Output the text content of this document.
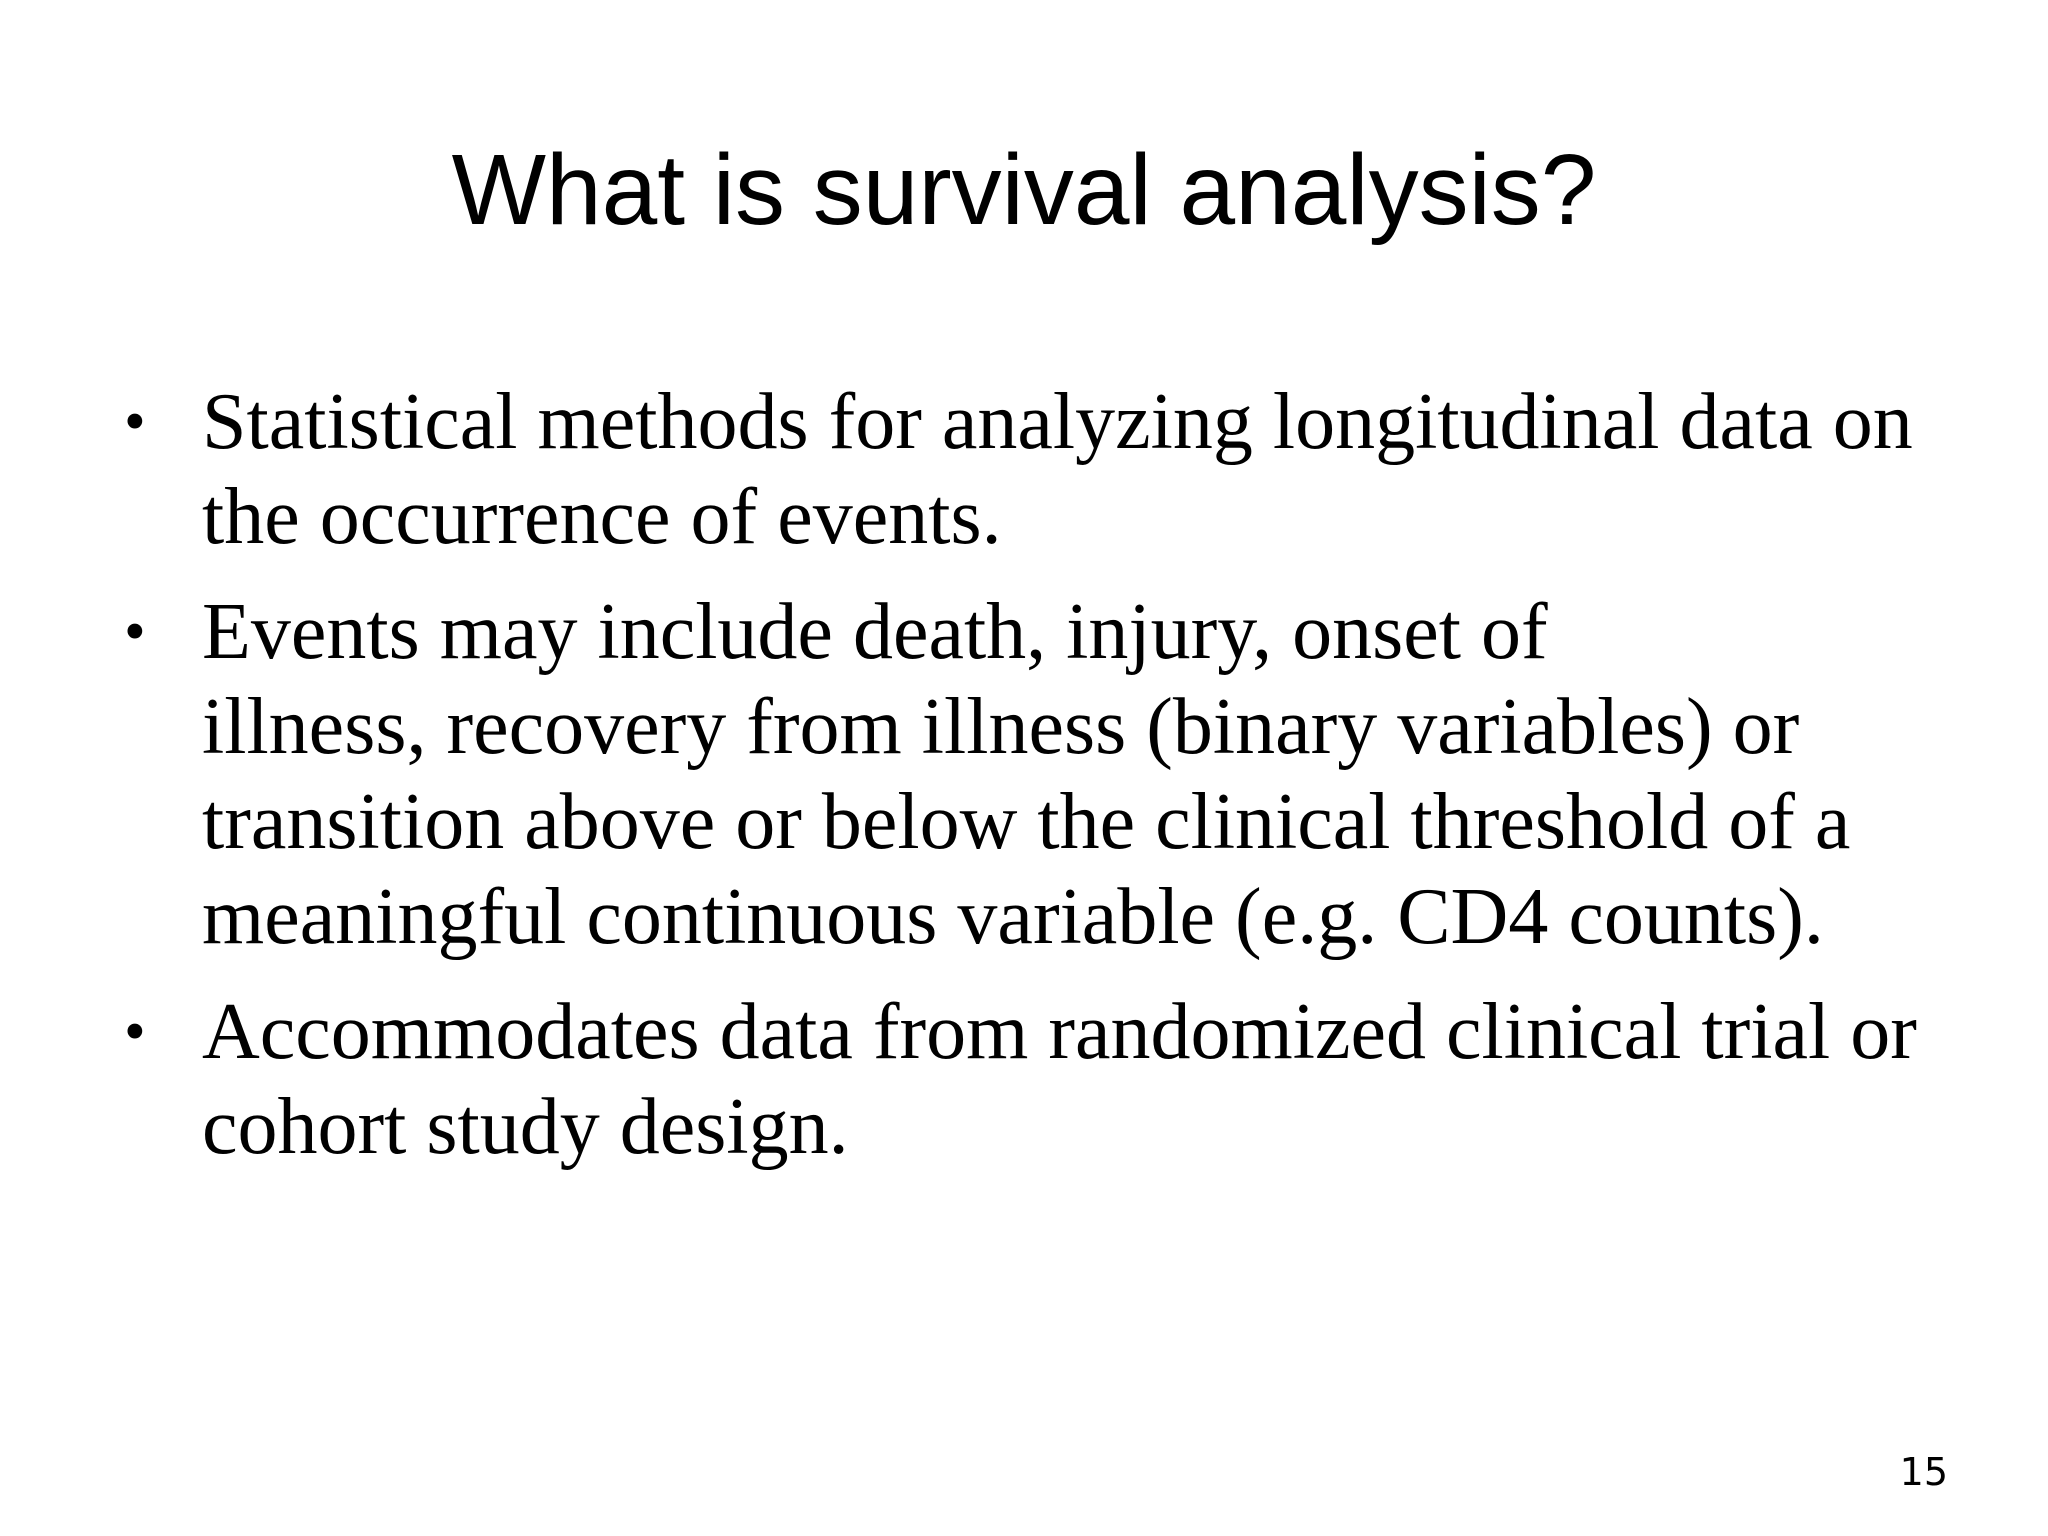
What is survival analysis?
• Statistical methods for analyzing longitudinal data on
the occurrence of events.
• Events may include death, injury, onset of
illness, recovery from illness (binary variables) or
transition above or below the clinical threshold of a
meaningful continuous variable (e.g. CD4 counts).
• Accommodates data from randomized clinical trial or
cohort study design.
15
